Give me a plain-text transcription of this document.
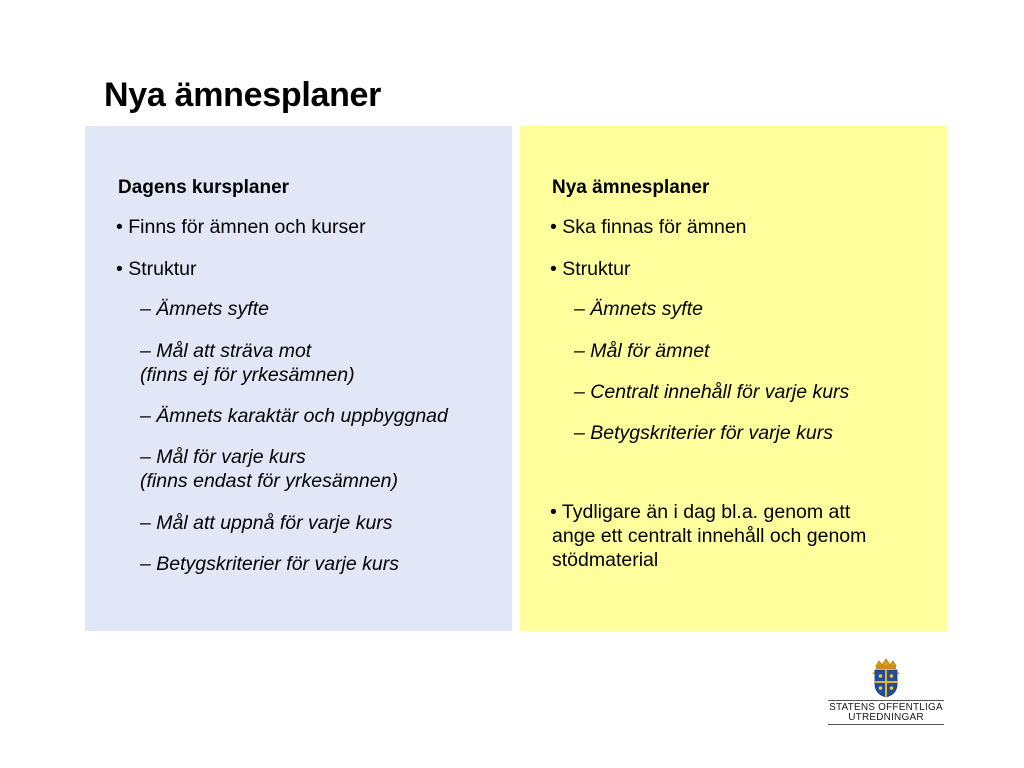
Nya ämnesplaner
Dagens kursplaner
• Finns för ämnen och kurser
• Struktur
– Ämnets syfte
– Mål att sträva mot
(finns ej för yrkesämnen)
– Ämnets karaktär och uppbyggnad
– Mål för varje kurs
(finns endast för yrkesämnen)
– Mål att uppnå för varje kurs
– Betygskriterier för varje kurs
Nya ämnesplaner
• Ska finnas för ämnen
• Struktur
– Ämnets syfte
– Mål för ämnet
– Centralt innehåll för varje kurs
– Betygskriterier för varje kurs
• Tydligare än i dag bl.a. genom att
ange ett centralt innehåll och genom
stödmaterial
STATENS OFFENTLIGA
UTREDNINGAR
